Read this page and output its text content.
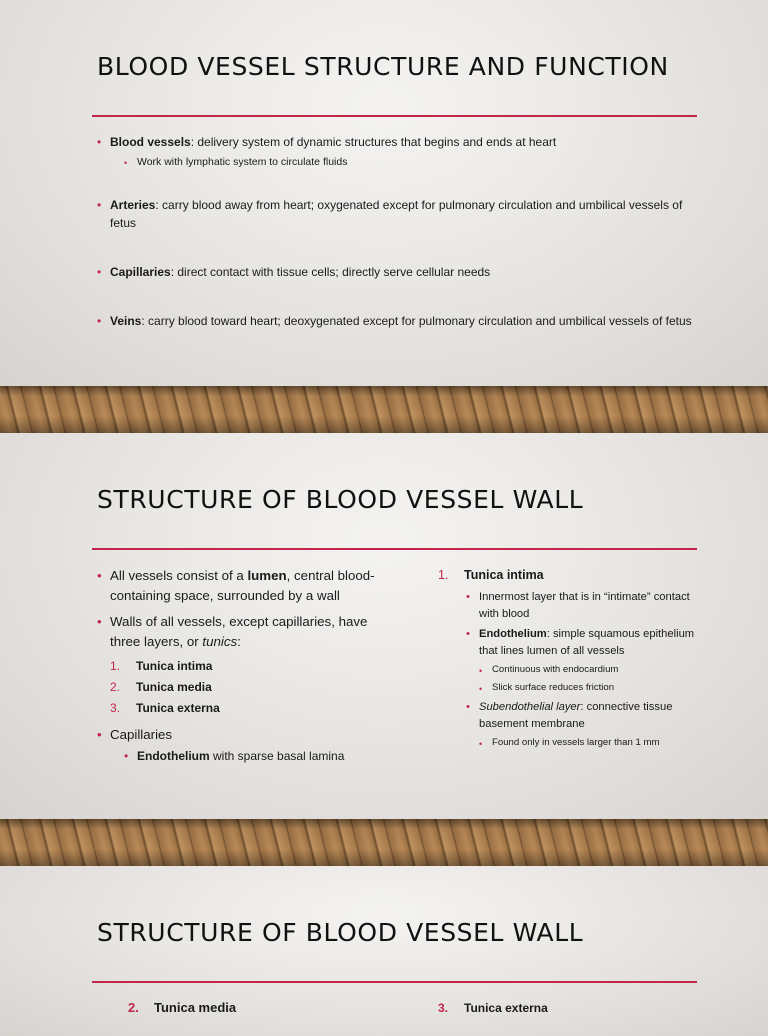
BLOOD VESSEL STRUCTURE AND FUNCTION
• Blood vessels: delivery system of dynamic structures that begins and ends at heart
• Work with lymphatic system to circulate fluids
• Arteries: carry blood away from heart; oxygenated except for pulmonary circulation and umbilical vessels of fetus
• Capillaries: direct contact with tissue cells; directly serve cellular needs
• Veins: carry blood toward heart; deoxygenated except for pulmonary circulation and umbilical vessels of fetus
STRUCTURE OF BLOOD VESSEL WALL
• All vessels consist of a lumen, central blood-containing space, surrounded by a wall
• Walls of all vessels, except capillaries, have three layers, or tunics:
1. Tunica intima
2. Tunica media
3. Tunica externa
• Capillaries
• Endothelium with sparse basal lamina
1. Tunica intima
• Innermost layer that is in “intimate” contact with blood
• Endothelium: simple squamous epithelium that lines lumen of all vessels
• Continuous with endocardium
• Slick surface reduces friction
• Subendothelial layer: connective tissue basement membrane
• Found only in vessels larger than 1 mm
STRUCTURE OF BLOOD VESSEL WALL
2. Tunica media	3. Tunica externa
